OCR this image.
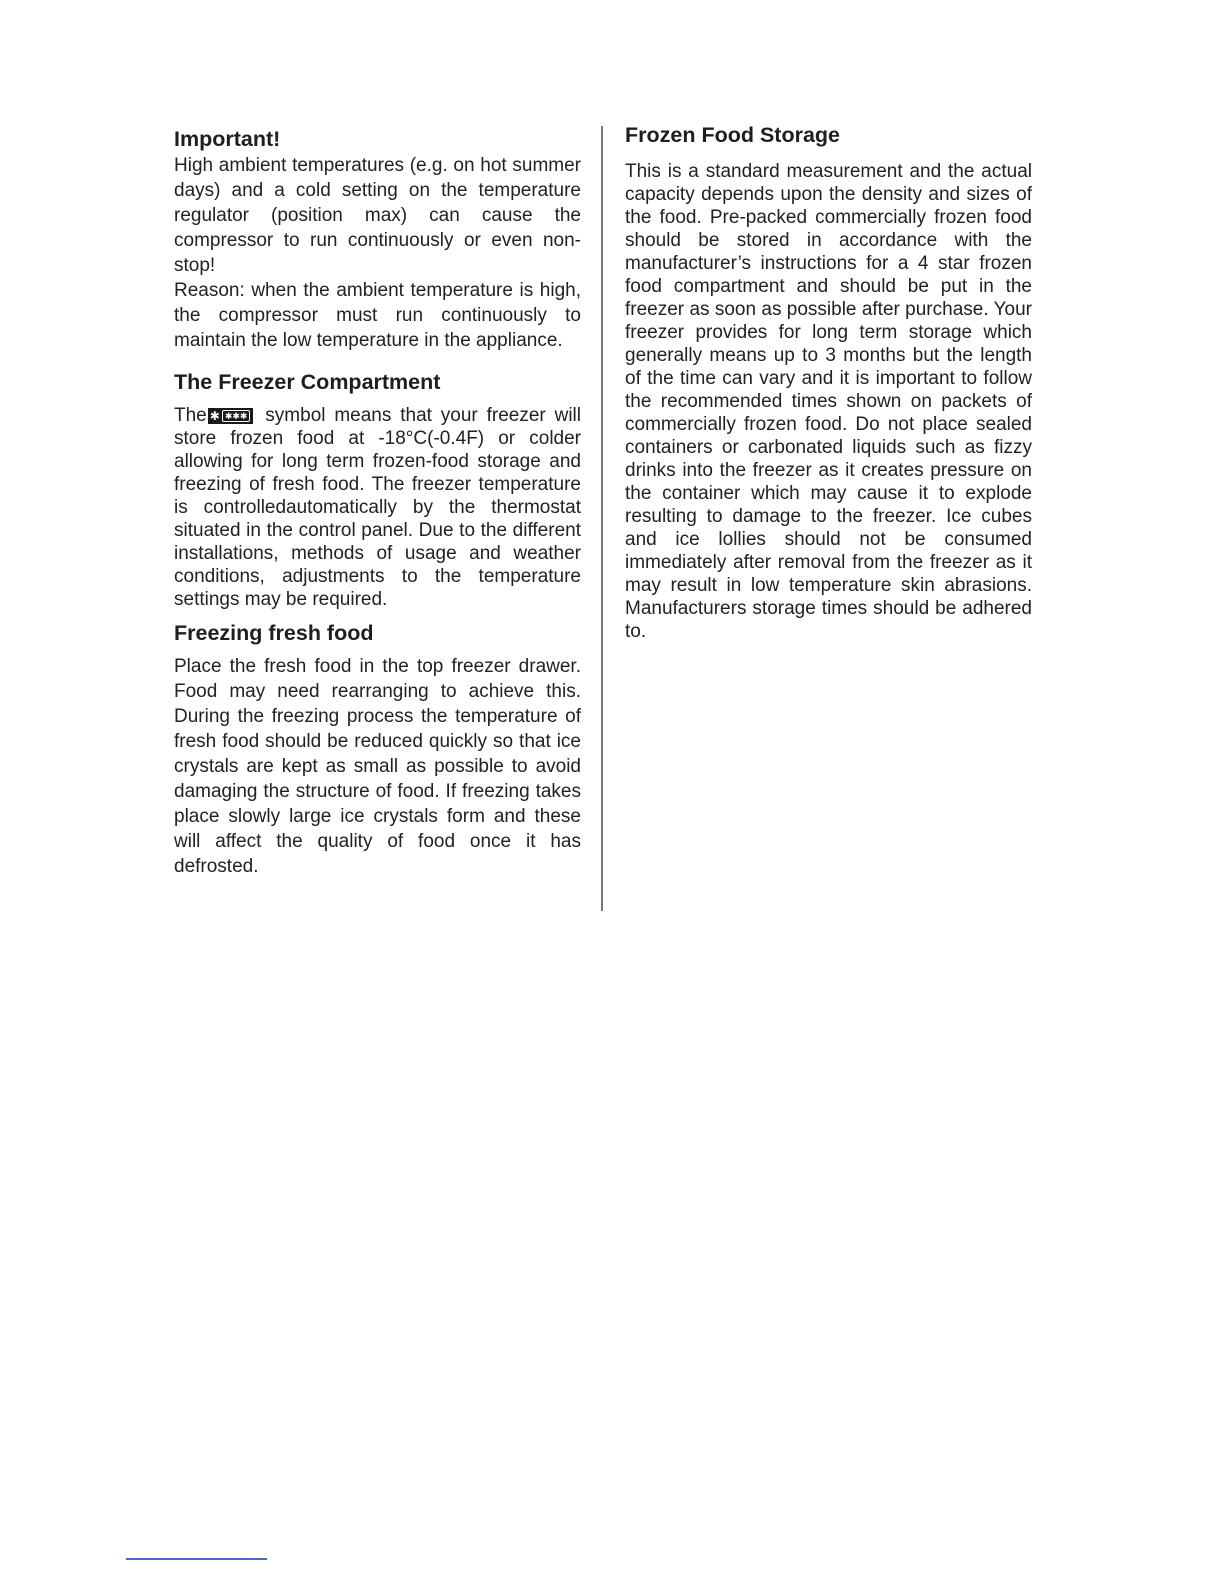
Important!

High ambient temperatures (e.g. on hot summer days) and a cold setting on the temperature regulator (position max) can cause the compressor to run continuously or even non-stop!

Reason: when the ambient temperature is high, the compressor must run continuously to maintain the low temperature in the appliance.

The Freezer Compartment

The ✱ ✱✱✱ symbol means that your freezer will store frozen food at -18°C(-0.4F) or colder allowing for long term frozen-food storage and freezing of fresh food. The freezer temperature is controlledautomatically by the thermostat situated in the control panel. Due to the different installations, methods of usage and weather conditions, adjustments to the temperature settings may be required.

Freezing fresh food

Place the fresh food in the top freezer drawer. Food may need rearranging to achieve this. During the freezing process the temperature of fresh food should be reduced quickly so that ice crystals are kept as small as possible to avoid damaging the structure of food. If freezing takes place slowly large ice crystals form and these will affect the quality of food once it has defrosted.

Frozen Food Storage

This is a standard measurement and the actual capacity depends upon the density and sizes of the food. Pre-packed commercially frozen food should be stored in accordance with the manufacturer’s instructions for a 4 star frozen food compartment and should be put in the freezer as soon as possible after purchase. Your freezer provides for long term storage which generally means up to 3 months but the length of the time can vary and it is important to follow the recommended times shown on packets of commercially frozen food. Do not place sealed containers or carbonated liquids such as fizzy drinks into the freezer as it creates pressure on the container which may cause it to explode resulting to damage to the freezer. Ice cubes and ice lollies should not be consumed immediately after removal from the freezer as it may result in low temperature skin abrasions. Manufacturers storage times should be adhered to.
